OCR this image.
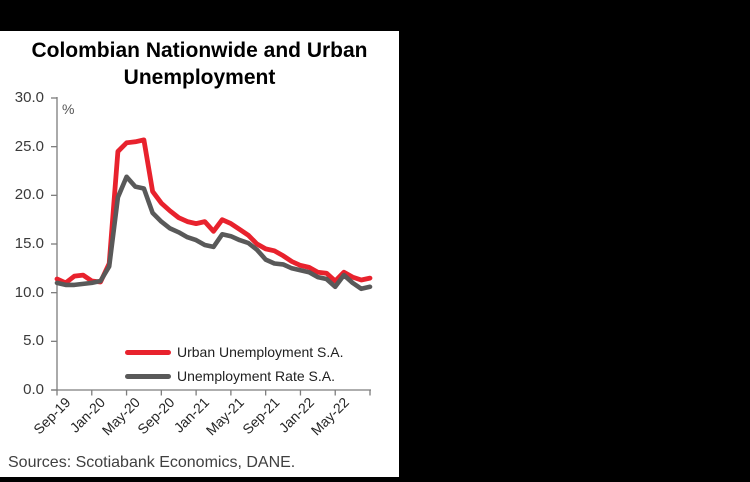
Colombian Nationwide and Urban
Unemployment
30.0
25.0
20.0
15.0
10.0
5.0
0.0
%
Sep-19
Jan-20
May-20
Sep-20
Jan-21
May-21
Sep-21
Jan-22
May-22
Urban Unemployment S.A.
Unemployment Rate S.A.
Sources: Scotiabank Economics, DANE.
